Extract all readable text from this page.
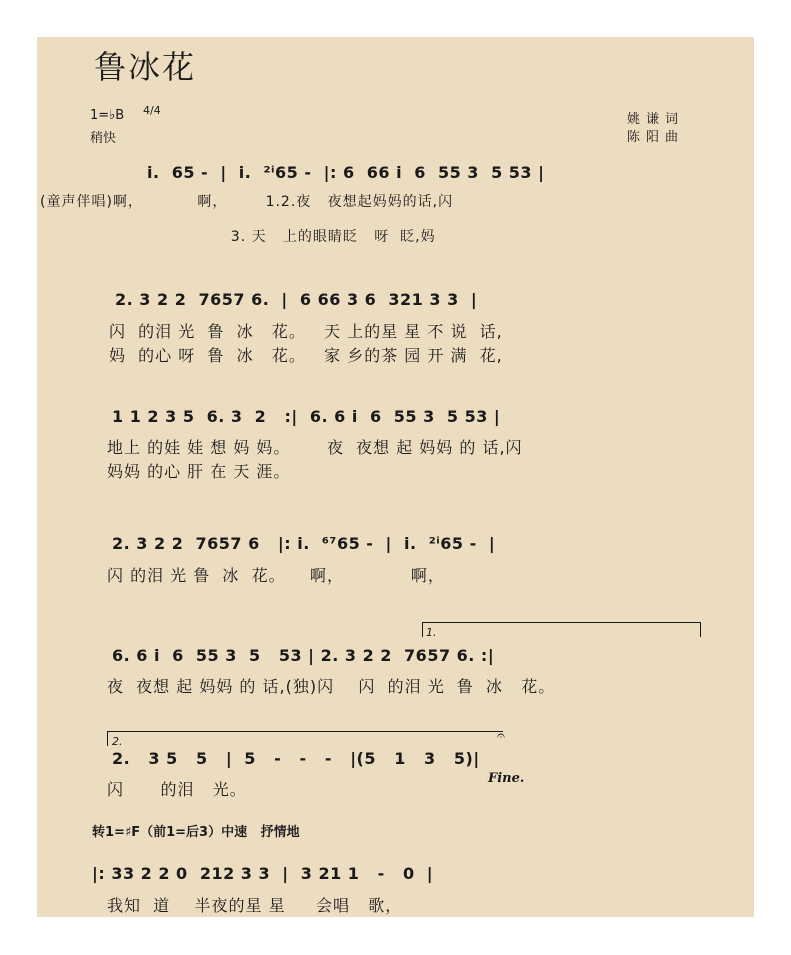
鲁冰花
1=♭B 4/4
稍快
姚谦词
陈阳曲
i.  65 -  |  i.  ²ⁱ65 -  |: 6  66 i  6  55 3  5 53 |
(童声伴唱)啊，          啊，       1.2.夜   夜想起妈妈的话,闪
3. 天   上的眼睛眨   呀  眨,妈
2. 3 2 2  7657 6.  |  6 66 3 6  321 3 3  |
闪  的泪 光  鲁  冰   花。   天 上的星 星 不 说  话,
妈  的心 呀  鲁  冰   花。   家 乡的茶 园 开 满  花,
1 1 2 3 5  6. 3  2   :|  6. 6 i  6  55 3  5 53 |
地上 的娃 娃 想 妈 妈。      夜  夜想 起 妈妈 的 话,闪
妈妈 的心 肝 在 天 涯。
2. 3 2 2  7657 6   |: i.  ⁶⁷65 -  |  i.  ²ⁱ65 -  |
闪 的泪 光 鲁  冰  花。    啊，           啊，
1.
6. 6 i  6  55 3  5   53 | 2. 3 2 2  7657 6. :|
夜  夜想 起 妈妈 的 话,(独)闪    闪  的泪 光  鲁  冰   花。
2.	𝄐
2.   3 5   5   |  5   -   -   -   |(5   1   3   5)|
Fine.
闪      的泪   光。
转1=♯F（前1=后3）中速   抒情地
|: 33 2 2 0  212 3 3  |  3 21 1   -   0  |
我知  道    半夜的星 星     会唱   歌，
